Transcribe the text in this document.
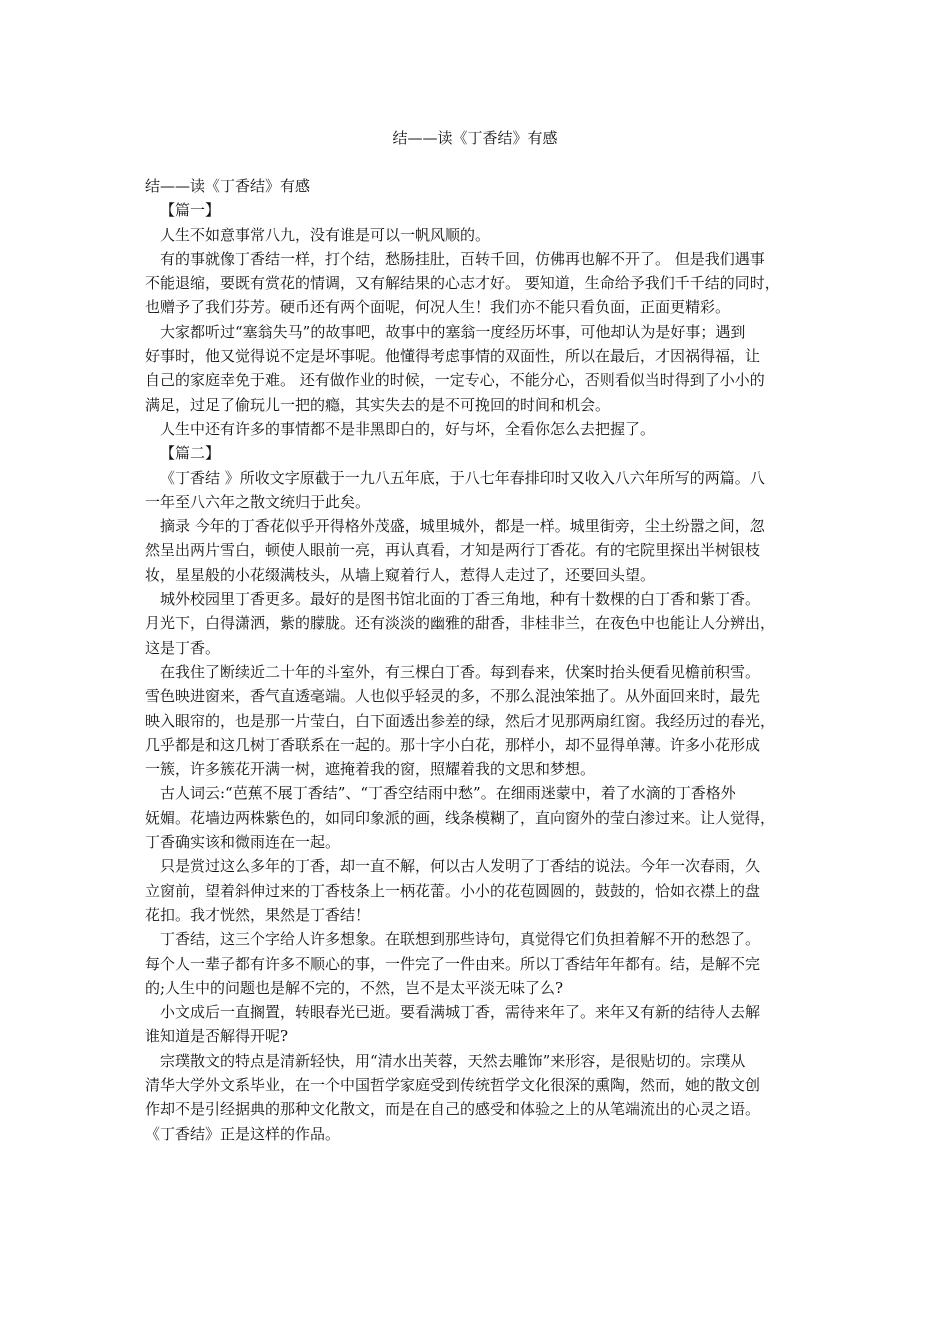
结——读《丁香结》有感
结——读《丁香结》有感
【篇一】
人生不如意事常八九，没有谁是可以一帆风顺的。
有的事就像丁香结一样，打个结，愁肠挂肚，百转千回，仿佛再也解不开了。 但是我们遇事
不能退缩，要既有赏花的情调，又有解结果的心志才好。 要知道，生命给予我们千千结的同时，
也赠予了我们芬芳。硬币还有两个面呢，何况人生！我们亦不能只看负面，正面更精彩。
大家都听过“塞翁失马”的故事吧，故事中的塞翁一度经历坏事，可他却认为是好事；遇到
好事时，他又觉得说不定是坏事呢。他懂得考虑事情的双面性，所以在最后，才因祸得福，让
自己的家庭幸免于难。 还有做作业的时候，一定专心，不能分心，否则看似当时得到了小小的
满足，过足了偷玩儿一把的瘾，其实失去的是不可挽回的时间和机会。
人生中还有许多的事情都不是非黑即白的，好与坏，全看你怎么去把握了。
【篇二】
《丁香结 》所收文字原截于一九八五年底，于八七年春排印时又收入八六年所写的两篇。八
一年至八六年之散文统归于此矣。
摘录 今年的丁香花似乎开得格外茂盛，城里城外，都是一样。城里街旁，尘土纷嚣之间，忽
然呈出两片雪白，顿使人眼前一亮，再认真看，才知是两行丁香花。有的宅院里探出半树银枝
妆，星星般的小花缀满枝头，从墙上窥着行人，惹得人走过了，还要回头望。
城外校园里丁香更多。最好的是图书馆北面的丁香三角地，种有十数棵的白丁香和紫丁香。
月光下，白得潇洒，紫的朦胧。还有淡淡的幽雅的甜香，非桂非兰，在夜色中也能让人分辨出，
这是丁香。
在我住了断续近二十年的斗室外，有三棵白丁香。每到春来，伏案时抬头便看见檐前积雪。
雪色映进窗来，香气直透毫端。人也似乎轻灵的多，不那么混浊笨拙了。从外面回来时，最先
映入眼帘的，也是那一片莹白，白下面透出参差的绿，然后才见那两扇红窗。我经历过的春光，
几乎都是和这几树丁香联系在一起的。那十字小白花，那样小，却不显得单薄。许多小花形成
一簇，许多簇花开满一树，遮掩着我的窗，照耀着我的文思和梦想。
古人词云:“芭蕉不展丁香结”、“丁香空结雨中愁”。在细雨迷蒙中，着了水滴的丁香格外
妩媚。花墙边两株紫色的，如同印象派的画，线条模糊了，直向窗外的莹白渗过来。让人觉得，
丁香确实该和微雨连在一起。
只是赏过这么多年的丁香，却一直不解，何以古人发明了丁香结的说法。今年一次春雨，久
立窗前，望着斜伸过来的丁香枝条上一柄花蕾。小小的花苞圆圆的，鼓鼓的，恰如衣襟上的盘
花扣。我才恍然，果然是丁香结！
丁香结，这三个字给人许多想象。在联想到那些诗句，真觉得它们负担着解不开的愁怨了。
每个人一辈子都有许多不顺心的事，一件完了一件由来。所以丁香结年年都有。结，是解不完
的;人生中的问题也是解不完的，不然，岂不是太平淡无味了么?
小文成后一直搁置，转眼春光已逝。要看满城丁香，需待来年了。来年又有新的结待人去解
谁知道是否解得开呢?
宗璞散文的特点是清新轻快，用“清水出芙蓉，天然去雕饰”来形容，是很贴切的。宗璞从
清华大学外文系毕业，在一个中国哲学家庭受到传统哲学文化很深的熏陶，然而，她的散文创
作却不是引经据典的那种文化散文，而是在自己的感受和体验之上的从笔端流出的心灵之语。
《丁香结》正是这样的作品。
